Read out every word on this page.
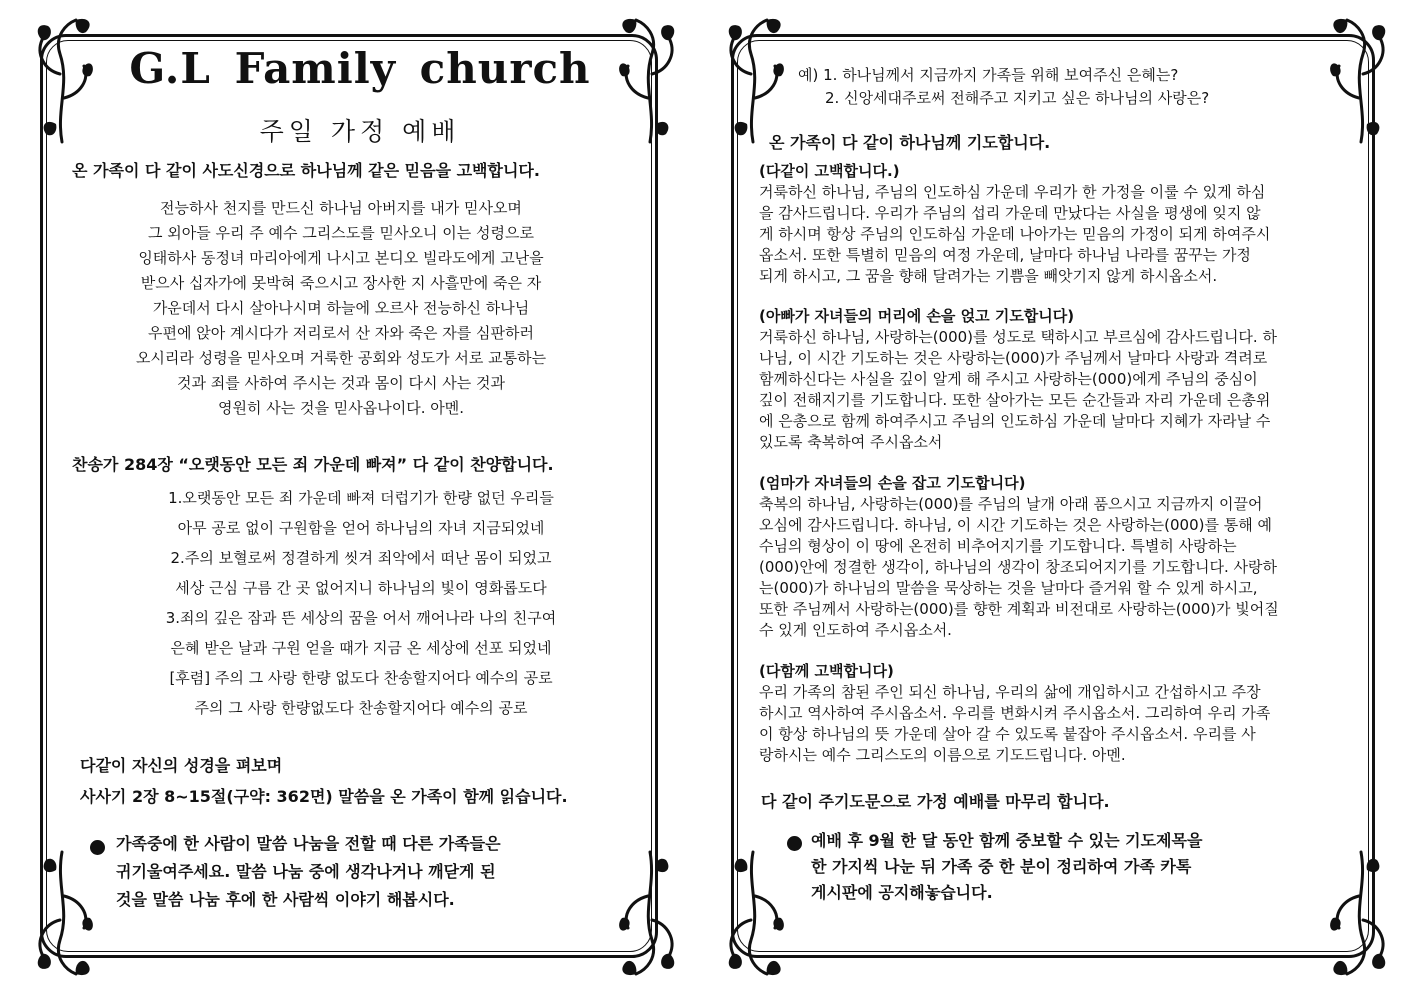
G.L Family church
주일 가정 예배
온 가족이 다 같이 사도신경으로 하나님께 같은 믿음을 고백합니다.
전능하사 천지를 만드신 하나님 아버지를 내가 믿사오며
그 외아들 우리 주 예수 그리스도를 믿사오니 이는 성령으로
잉태하사 동정녀 마리아에게 나시고 본디오 빌라도에게 고난을
받으사 십자가에 못박혀 죽으시고 장사한 지 사흘만에 죽은 자
가운데서 다시 살아나시며 하늘에 오르사 전능하신 하나님
우편에 앉아 계시다가 저리로서 산 자와 죽은 자를 심판하러
오시리라 성령을 믿사오며 거룩한 공회와 성도가 서로 교통하는
것과 죄를 사하여 주시는 것과 몸이 다시 사는 것과
영원히 사는 것을 믿사옵나이다. 아멘.
찬송가 284장 “오랫동안 모든 죄 가운데 빠져” 다 같이 찬양합니다.
1.오랫동안 모든 죄 가운데 빠져 더럽기가 한량 없던 우리들
아무 공로 없이 구원함을 얻어 하나님의 자녀 지금되었네
2.주의 보혈로써 정결하게 씻겨 죄악에서 떠난 몸이 되었고
세상 근심 구름 간 곳 없어지니 하나님의 빛이 영화롭도다
3.죄의 깊은 잠과 뜬 세상의 꿈을 어서 깨어나라 나의 친구여
은혜 받은 날과 구원 얻을 때가 지금 온 세상에 선포 되었네
[후렴] 주의 그 사랑 한량 없도다 찬송할지어다 예수의 공로
주의 그 사랑 한량없도다 찬송할지어다 예수의 공로
다같이 자신의 성경을 펴보며
사사기 2장 8~15절(구약: 362면) 말씀을 온 가족이 함께 읽습니다.
가족중에 한 사람이 말씀 나눔을 전할 때 다른 가족들은
귀기울여주세요. 말씀 나눔 중에 생각나거나 깨닫게 된
것을 말씀 나눔 후에 한 사람씩 이야기 해봅시다.
예) 1. 하나님께서 지금까지 가족들 위해 보여주신 은혜는?
2. 신앙세대주로써 전해주고 지키고 싶은 하나님의 사랑은?
온 가족이 다 같이 하나님께 기도합니다.
(다같이 고백합니다.)
거룩하신 하나님, 주님의 인도하심 가운데 우리가 한 가정을 이룰 수 있게 하심
을 감사드립니다. 우리가 주님의 섭리 가운데 만났다는 사실을 평생에 잊지 않
게 하시며 항상 주님의 인도하심 가운데 나아가는 믿음의 가정이 되게 하여주시
옵소서. 또한 특별히 믿음의 여정 가운데, 날마다 하나님 나라를 꿈꾸는 가정
되게 하시고, 그 꿈을 향해 달려가는 기쁨을 빼앗기지 않게 하시옵소서.
(아빠가 자녀들의 머리에 손을 얹고 기도합니다)
거룩하신 하나님, 사랑하는(000)를 성도로 택하시고 부르심에 감사드립니다. 하
나님, 이 시간 기도하는 것은 사랑하는(000)가 주님께서 날마다 사랑과 격려로
함께하신다는 사실을 깊이 알게 해 주시고 사랑하는(000)에게 주님의 중심이
깊이 전해지기를 기도합니다. 또한 살아가는 모든 순간들과 자리 가운데 은총위
에 은총으로 함께 하여주시고 주님의 인도하심 가운데 날마다 지혜가 자라날 수
있도록 축복하여 주시옵소서
(엄마가 자녀들의 손을 잡고 기도합니다)
축복의 하나님, 사랑하는(000)를 주님의 날개 아래 품으시고 지금까지 이끌어
오심에 감사드립니다. 하나님, 이 시간 기도하는 것은 사랑하는(000)를 통해 예
수님의 형상이 이 땅에 온전히 비추어지기를 기도합니다. 특별히 사랑하는
(000)안에 정결한 생각이, 하나님의 생각이 창조되어지기를 기도합니다. 사랑하
는(000)가 하나님의 말씀을 묵상하는 것을 날마다 즐거워 할 수 있게 하시고,
또한 주님께서 사랑하는(000)를 향한 계획과 비전대로 사랑하는(000)가 빛어질
수 있게 인도하여 주시옵소서.
(다함께 고백합니다)
우리 가족의 참된 주인 되신 하나님, 우리의 삶에 개입하시고 간섭하시고 주장
하시고 역사하여 주시옵소서. 우리를 변화시켜 주시옵소서. 그리하여 우리 가족
이 항상 하나님의 뜻 가운데 살아 갈 수 있도록 붙잡아 주시옵소서. 우리를 사
랑하시는 예수 그리스도의 이름으로 기도드립니다. 아멘.
다 같이 주기도문으로 가정 예배를 마무리 합니다.
예배 후 9월 한 달 동안 함께 중보할 수 있는 기도제목을
한 가지씩 나눈 뒤 가족 중 한 분이 정리하여 가족 카톡
게시판에 공지해놓습니다.
